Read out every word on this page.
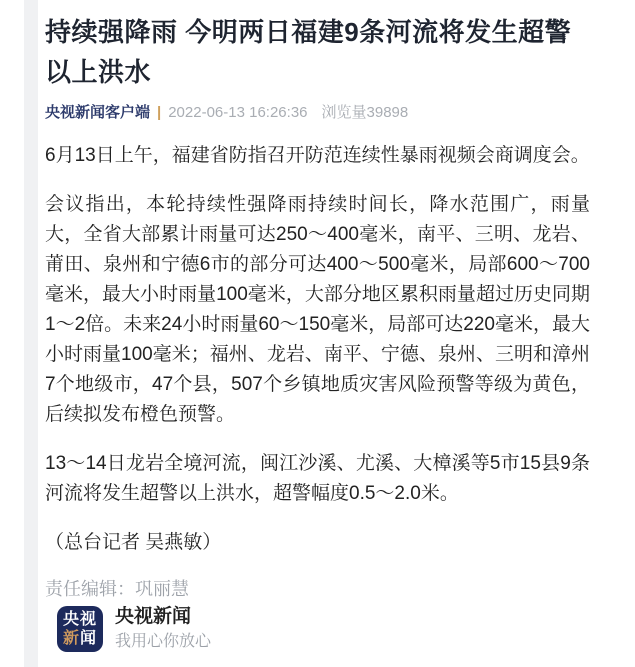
持续强降雨 今明两日福建9条河流将发生超警以上洪水
央视新闻客户端 | 2022-06-13 16:26:36 浏览量39898

6月13日上午，福建省防指召开防范连续性暴雨视频会商调度会。

会议指出，本轮持续性强降雨持续时间长，降水范围广，雨量大，全省大部累计雨量可达250～400毫米，南平、三明、龙岩、莆田、泉州和宁德6市的部分可达400～500毫米，局部600～700毫米，最大小时雨量100毫米，大部分地区累积雨量超过历史同期1～2倍。未来24小时雨量60～150毫米，局部可达220毫米，最大小时雨量100毫米；福州、龙岩、南平、宁德、泉州、三明和漳州7个地级市，47个县，507个乡镇地质灾害风险预警等级为黄色，后续拟发布橙色预警。

13～14日龙岩全境河流，闽江沙溪、尤溪、大樟溪等5市15县9条河流将发生超警以上洪水，超警幅度0.5～2.0米。

（总台记者 吴燕敏）

责任编辑：巩丽慧
央视
新闻
央视新闻
我用心你放心
